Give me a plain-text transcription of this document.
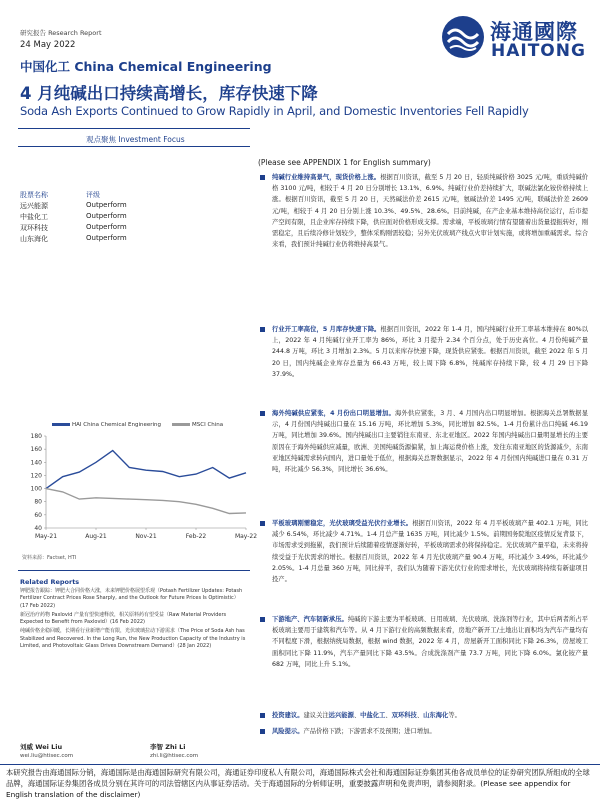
研究报告 Research Report
24 May 2022
中国化工 China Chemical Engineering
海通國際
HAITONG
4 月纯碱出口持续高增长，库存快速下降
Soda Ash Exports Continued to Grow Rapidly in April, and Domestic Inventories Fell Rapidly
观点聚焦 Investment Focus
股票名称	评级
远兴能源	Outperform
中盐化工	Outperform
双环科技	Outperform
山东海化	Outperform
HAI China Chemical Engineering	MSCI China
40
60
80
100
120
140
160
180
May-21	Aug-21	Nov-21	Feb-22	May-22
资料来源：Factset, HTI
Related Reports
钾肥报告跟踪：钾肥大合同价格大涨，未来钾肥价格展望乐观（Potash Fertilizer Updates: Potash Fertilizer Contract Prices Rose Sharply, and the Outlook for Future Prices Is Optimistic）(17 Feb 2022)
新冠治疗药物 Paxlovid 产量有望快速释放，相关原料药有望受益（Raw Material Providers Expected to Benefit from Paxlovid）(16 Feb 2022)
纯碱价格企稳回暖，长期看行业新增产能有限，光伏玻璃拉动下游需求（The Price of Soda Ash has Stabilized and Recovered. In the Long Run, the New Production Capacity of the Industry is Limited, and Photovoltaic Glass Drives Downstream Demand）(28 Jan 2022)
(Please see APPENDIX 1 for English summary)
纯碱行业维持高景气，现货价格上涨。根据百川资讯，截至 5 月 20 日，轻质纯碱价格 3025 元/吨，重质纯碱价格 3100 元/吨，相较于 4 月 20 日分别增长 13.1%、6.9%。纯碱行业价差持续扩大，联碱法氯化铵价格持续上涨。根据百川资讯，截至 5 月 20 日，天然碱法价差 2615 元/吨，氨碱法价差 1495 元/吨，联碱法价差 2609 元/吨，相较于 4 月 20 日分别上涨 10.3%、49.5%、28.6%。目前纯碱，在产企业基本维持高位运行，后市提产空间有限，且企业库存持续下降，供应面对价格形成支撑。需求端，平板玻璃行情有望随着出货量提振转好，刚需稳定，且后续冷修计划较少，整体采购刚需较稳；另外光伏玻璃产线点火审计划实施，或将增加重碱需求。综合来看，我们预计纯碱行业仍将维持高景气。
行业开工率高位，5 月库存快速下降。根据百川资讯，2022 年 1-4 月，国内纯碱行业开工率基本维持在 80%以上，2022 年 4 月纯碱行业开工率为 86%，环比 3 月提升 2.34 个百分点，处于历史高位。4 月份纯碱产量 244.8 万吨，环比 3 月增加 2.3%。5 月以来库存快速下降，现货供应紧张。根据百川资讯，截至 2022 年 5 月 20 日，国内纯碱企业库存总量为 66.43 万吨，较上周下降 6.8%，纯碱库存持续下降，较 4 月 29 日下降 37.9%。
海外纯碱供应紧张，4 月份出口明显增加。海外供应紧张，3 月、4 月国内出口明显增加。根据海关总署数据显示，4 月份国内纯碱出口量在 15.16 万吨，环比增加 5.3%，同比增加 82.5%。1-4 月份累计出口纯碱 46.19 万吨，同比增加 39.6%。国内纯碱出口主要销往东南亚、东北亚地区。2022 年国内纯碱出口量明显增长的主要原因在于海外纯碱供应减量，欧洲、美国纯碱货源偏紧，加上海运费价格上涨，发往东南亚地区的货源减少，东南亚地区纯碱需求转向国内，进口量处于低位，根据海关总署数据显示，2022 年 4 月份国内纯碱进口量在 0.31 万吨，环比减少 56.3%，同比增长 36.6%。
平板玻璃刚需稳定，光伏玻璃受益光伏行业增长。根据百川资讯，2022 年 4 月平板玻璃产量 402.1 万吨，同比减少 6.54%，环比减少 4.71%。1-4 月总产量 1635 万吨，同比减少 1.5%。前期国务院地区疫情反复背景下，市场需求受到拖累，我们预计后续随着疫情逐渐好转，平板玻璃需求仍将保持稳定。光伏玻璃产量平稳，未来将持续受益于光伏需求的增长。根据百川资讯，2022 年 4 月光伏玻璃产量 90.4 万吨，环比减少 3.49%，环比减少 2.05%。1-4 月总量 360 万吨，同比持平，我们认为随着下游光伏行业的需求增长，光伏玻璃将持续有新建项目投产。
下游地产、汽车韧新承压。纯碱的下游主要为平板玻璃、日用玻璃、光伏玻璃、洗涤剂等行业，其中后两者所占平板玻璃主要用于建筑和汽车等。从 4 月下游行业的高频数据来看，房地产新开工/土地出让面积均为汽车产量均有不同程度下滑，根据纳统局数据，根据 wind 数据，2022 年 4 月，房屋新开工面积同比下降 26.3%，房屋竣工面积同比下降 11.9%，汽车产量同比下降 43.5%。合成洗涤剂产量 73.7 万吨，同比下降 6.0%。氯化铵产量 682 万吨，同比上升 5.1%。
投资建议。建议关注远兴能源、中盐化工、双环科技、山东海化等。
风险提示。产品价格下跌；下游需求不及预期；进口增加。
刘威 Wei Liu
wei.liu@htisec.com
李智 Zhi Li
zhi.li@htisec.com
本研究报告由海通国际分销，海通国际是由海通国际研究有限公司，海通证券印度私人有限公司，海通国际株式会社和海通国际证券集团其他各成员单位的证券研究团队所组成的全球品牌，海通国际证券集团各成员分别在其许可的司法管辖区内从事证券活动。关于海通国际的分析师证明，重要披露声明和免责声明，请参阅附录。(Please see appendix for English translation of the disclaimer)
